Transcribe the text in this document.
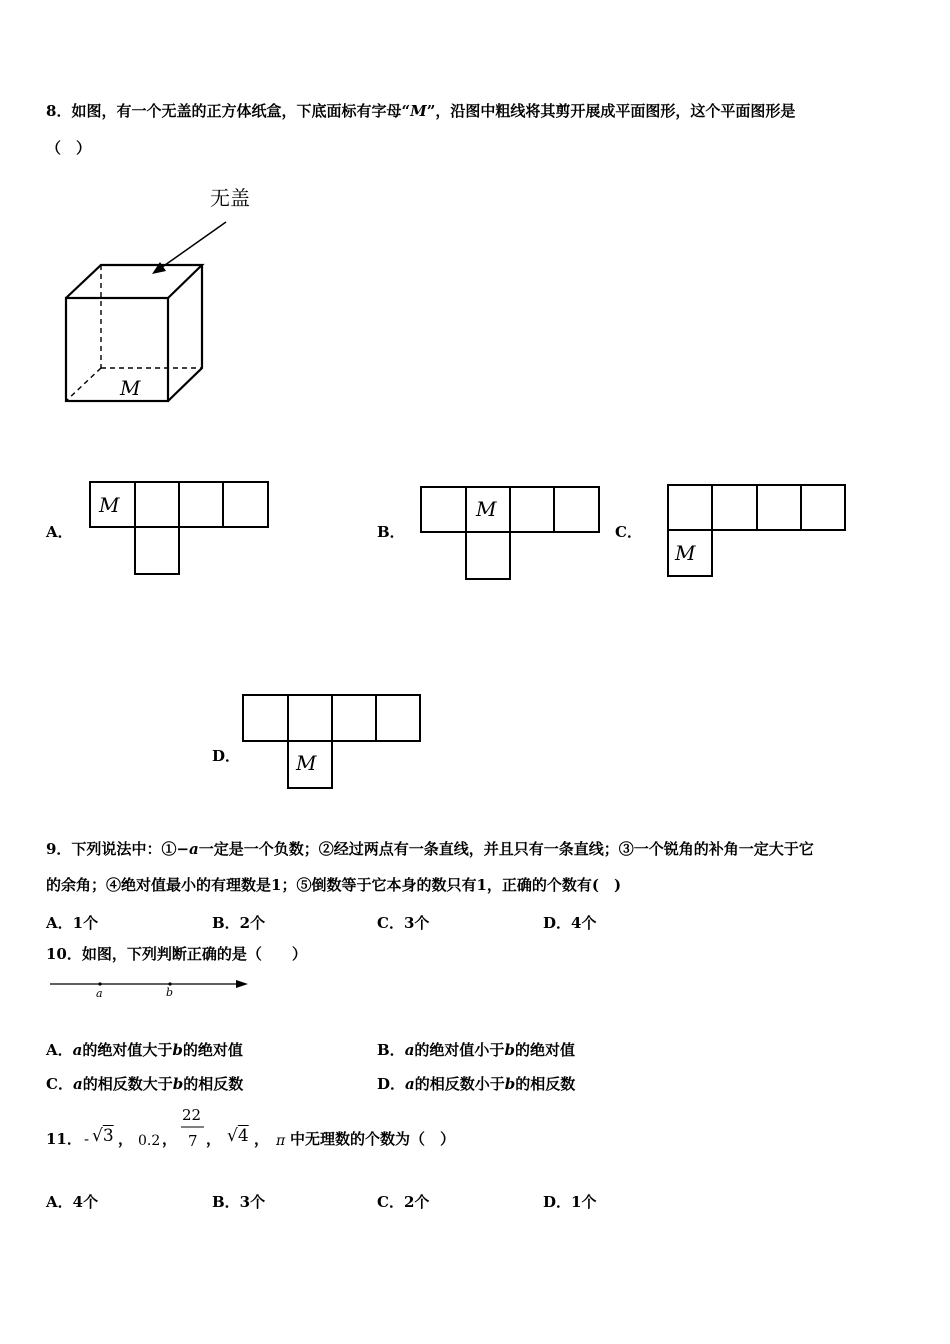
8．如图，有一个无盖的正方体纸盒，下底面标有字母“M”，沿图中粗线将其剪开展成平面图形，这个平面图形是
（　）
无盖
M
A．
M
B．
M
C．
M
D．	M
9．下列说法中：①−a一定是一个负数；②经过两点有一条直线，并且只有一条直线；③一个锐角的补角一定大于它
的余角；④绝对值最小的有理数是1；⑤倒数等于它本身的数只有1，正确的个数有(　)
A．1个	B．2个	C．3个	D．4个
10．如图，下列判断正确的是（　　）
a	b
A．a的绝对值大于b的绝对值	B．a的绝对值小于b的绝对值
C．a的相反数大于b的相反数	D．a的相反数小于b的相反数
11． - √3 ， 0.2 ，
22
7 ， √4 ， π 中无理数的个数为（　）
A．4个	B．3个	C．2个	D．1个
